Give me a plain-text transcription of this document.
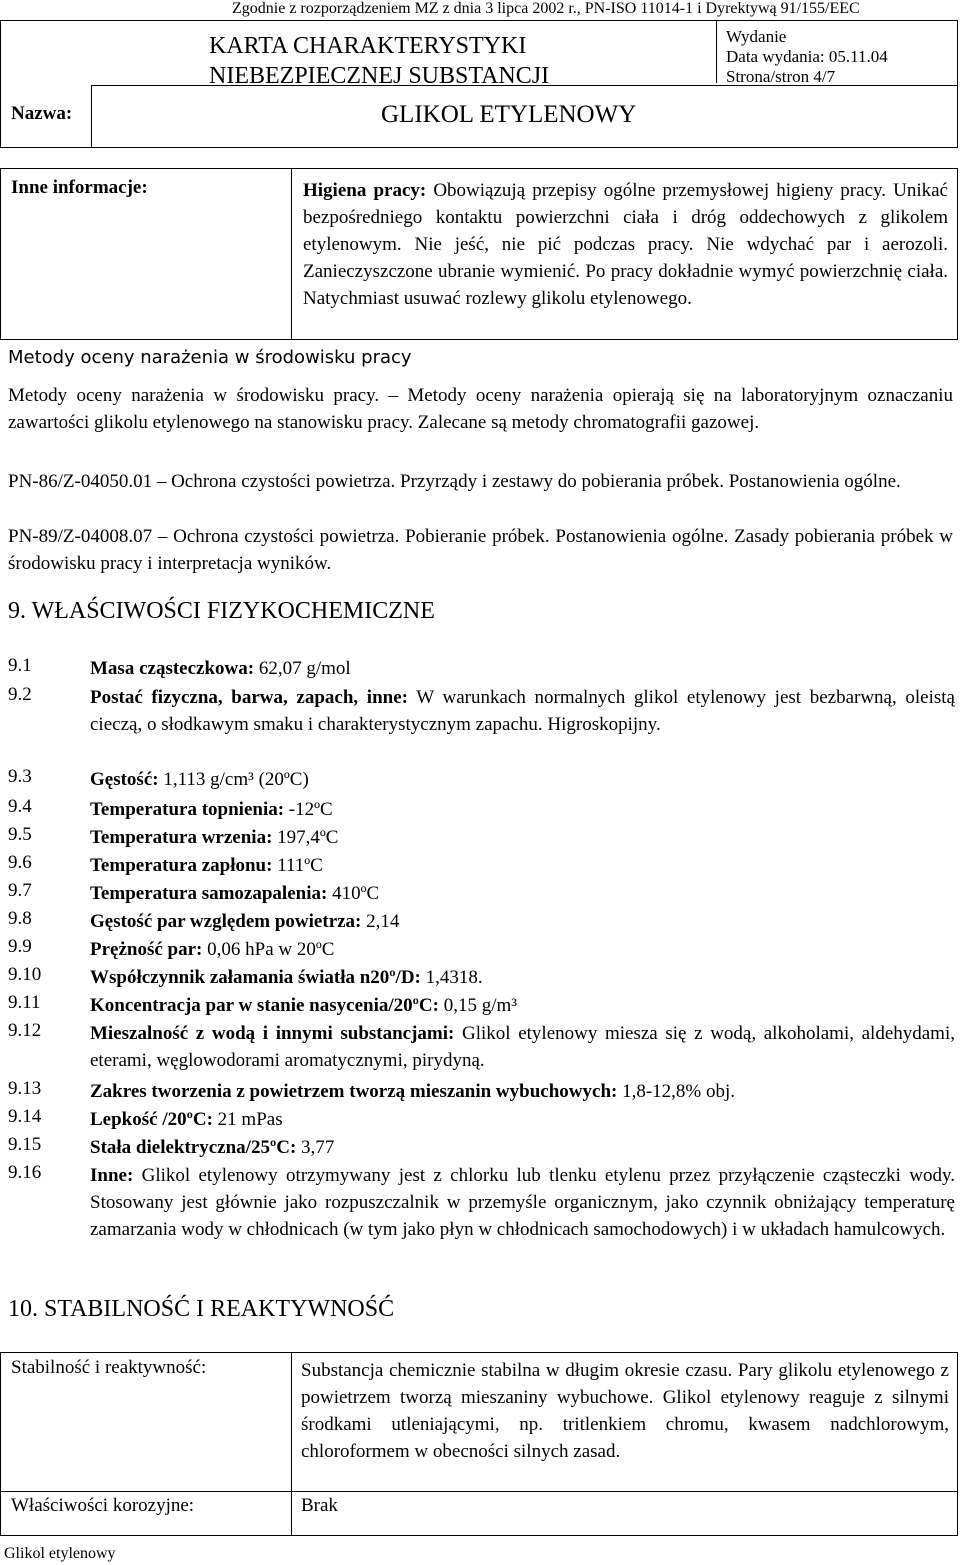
Zgodnie z rozporządzeniem MZ z dnia 3 lipca 2002 r., PN-ISO 11014-1 i Dyrektywą 91/155/EEC
KARTA CHARAKTERYSTYKI
NIEBEZPIECZNEJ SUBSTANCJI
Wydanie
Data wydania: 05.11.04
Strona/stron 4/7
Nazwa:	GLIKOL ETYLENOWY
Inne informacje:	Higiena pracy: Obowiązują przepisy ogólne przemysłowej higieny pracy. Unikać bezpośredniego kontaktu powierzchni ciała i dróg oddechowych z glikolem etylenowym. Nie jeść, nie pić podczas pracy. Nie wdychać par i aerozoli. Zanieczyszczone ubranie wymienić. Po pracy dokładnie wymyć powierzchnię ciała. Natychmiast usuwać rozlewy glikolu etylenowego.
Metody oceny narażenia w środowisku pracy
Metody oceny narażenia w środowisku pracy. – Metody oceny narażenia opierają się na laboratoryjnym oznaczaniu zawartości glikolu etylenowego na stanowisku pracy. Zalecane są metody chromatografii gazowej.
PN-86/Z-04050.01 – Ochrona czystości powietrza. Przyrządy i zestawy do pobierania próbek. Postanowienia ogólne.
PN-89/Z-04008.07 – Ochrona czystości powietrza. Pobieranie próbek. Postanowienia ogólne. Zasady pobierania próbek w środowisku pracy i interpretacja wyników.
9. WŁAŚCIWOŚCI FIZYKOCHEMICZNE
9.1	Masa cząsteczkowa: 62,07 g/mol
9.2	Postać fizyczna, barwa, zapach, inne: W warunkach normalnych glikol etylenowy jest bezbarwną, oleistą cieczą, o słodkawym smaku i charakterystycznym zapachu. Higroskopijny.
9.3	Gęstość: 1,113 g/cm³ (20ºC)
9.4	Temperatura topnienia: -12ºC
9.5	Temperatura wrzenia: 197,4ºC
9.6	Temperatura zapłonu: 111ºC
9.7	Temperatura samozapalenia: 410ºC
9.8	Gęstość par względem powietrza: 2,14
9.9	Prężność par: 0,06 hPa w 20ºC
9.10	Współczynnik załamania światła n20º/D: 1,4318.
9.11	Koncentracja par w stanie nasycenia/20ºC: 0,15 g/m³
9.12	Mieszalność z wodą i innymi substancjami: Glikol etylenowy miesza się z wodą, alkoholami, aldehydami, eterami, węglowodorami aromatycznymi, pirydyną.
9.13	Zakres tworzenia z powietrzem tworzą mieszanin wybuchowych: 1,8-12,8% obj.
9.14	Lepkość /20ºC: 21 mPas
9.15	Stała dielektryczna/25ºC: 3,77
9.16	Inne: Glikol etylenowy otrzymywany jest z chlorku lub tlenku etylenu przez przyłączenie cząsteczki wody. Stosowany jest głównie jako rozpuszczalnik w przemyśle organicznym, jako czynnik obniżający temperaturę zamarzania wody w chłodnicach (w tym jako płyn w chłodnicach samochodowych) i w układach hamulcowych.
10. STABILNOŚĆ I REAKTYWNOŚĆ
Stabilność i reaktywność:	Substancja chemicznie stabilna w długim okresie czasu. Pary glikolu etylenowego z powietrzem tworzą mieszaniny wybuchowe. Glikol etylenowy reaguje z silnymi środkami utleniającymi, np. tritlenkiem chromu, kwasem nadchlorowym, chloroformem w obecności silnych zasad.
Właściwości korozyjne:	Brak
Glikol etylenowy
